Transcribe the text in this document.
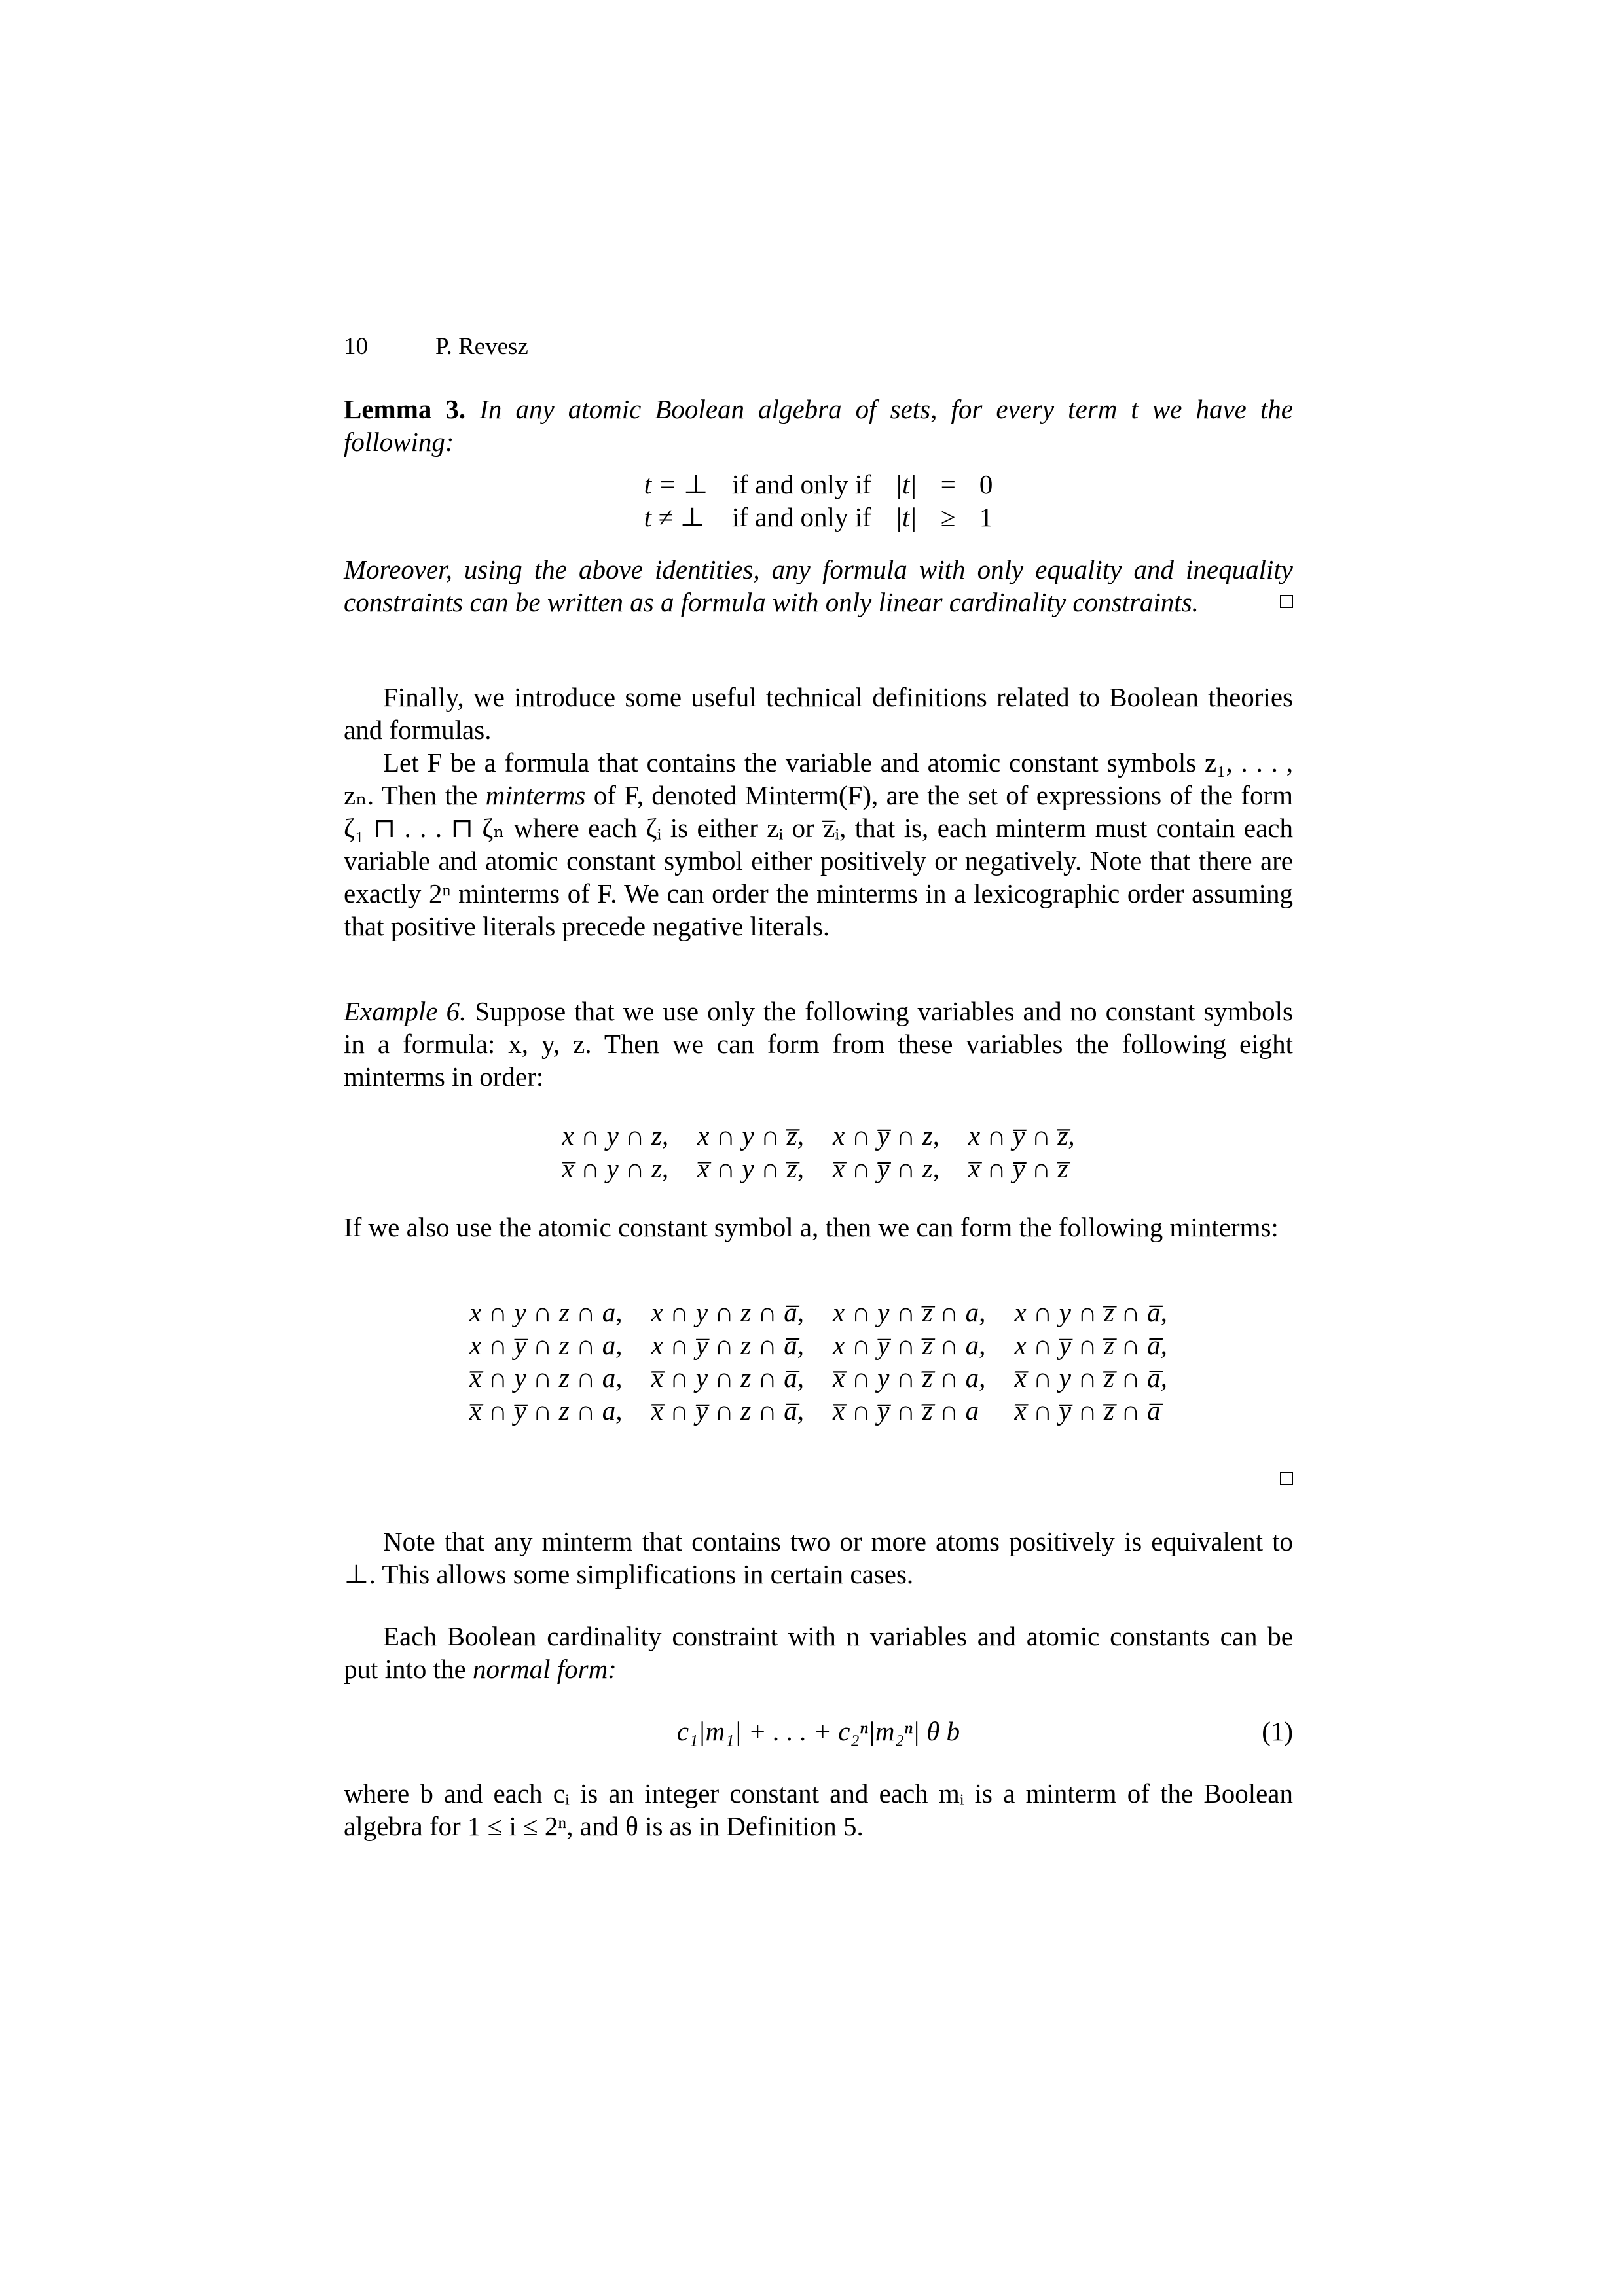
10	P. Revesz

Lemma 3. In any atomic Boolean algebra of sets, for every term t we have the following:

t = ⊥	if and only if	|t|	=	0
t ≠ ⊥	if and only if	|t|	≥	1

Moreover, using the above identities, any formula with only equality and inequality constraints can be written as a formula with only linear cardinality constraints.

Finally, we introduce some useful technical definitions related to Boolean theories and formulas.

Let F be a formula that contains the variable and atomic constant symbols z₁, . . . , zₙ. Then the minterms of F, denoted Minterm(F), are the set of expressions of the form ζ₁ ⊓ . . . ⊓ ζₙ where each ζᵢ is either zᵢ or z̅ᵢ, that is, each minterm must contain each variable and atomic constant symbol either positively or negatively. Note that there are exactly 2ⁿ minterms of F. We can order the minterms in a lexicographic order assuming that positive literals precede negative literals.

Example 6. Suppose that we use only the following variables and no constant symbols in a formula: x, y, z. Then we can form from these variables the following eight minterms in order:

x ∩ y ∩ z, x ∩ y ∩ z̅, x ∩ y̅ ∩ z, x ∩ y̅ ∩ z̅,
x̅ ∩ y ∩ z, x̅ ∩ y ∩ z̅, x̅ ∩ y̅ ∩ z, x̅ ∩ y̅ ∩ z̅

If we also use the atomic constant symbol a, then we can form the following minterms:

x ∩ y ∩ z ∩ a, x ∩ y ∩ z ∩ a̅, x ∩ y ∩ z̅ ∩ a, x ∩ y ∩ z̅ ∩ a̅,
x ∩ y̅ ∩ z ∩ a, x ∩ y̅ ∩ z ∩ a̅, x ∩ y̅ ∩ z̅ ∩ a, x ∩ y̅ ∩ z̅ ∩ a̅,
x̅ ∩ y ∩ z ∩ a, x̅ ∩ y ∩ z ∩ a̅, x̅ ∩ y ∩ z̅ ∩ a, x̅ ∩ y ∩ z̅ ∩ a̅,
x̅ ∩ y̅ ∩ z ∩ a, x̅ ∩ y̅ ∩ z ∩ a̅, x̅ ∩ y̅ ∩ z̅ ∩ a x̅ ∩ y̅ ∩ z̅ ∩ a̅

Note that any minterm that contains two or more atoms positively is equivalent to ⊥. This allows some simplifications in certain cases.

Each Boolean cardinality constraint with n variables and atomic constants can be put into the normal form:

c₁|m₁| + . . . + c₂ⁿ|m₂ⁿ| θ b	(1)

where b and each cᵢ is an integer constant and each mᵢ is a minterm of the Boolean algebra for 1 ≤ i ≤ 2ⁿ, and θ is as in Definition 5.
